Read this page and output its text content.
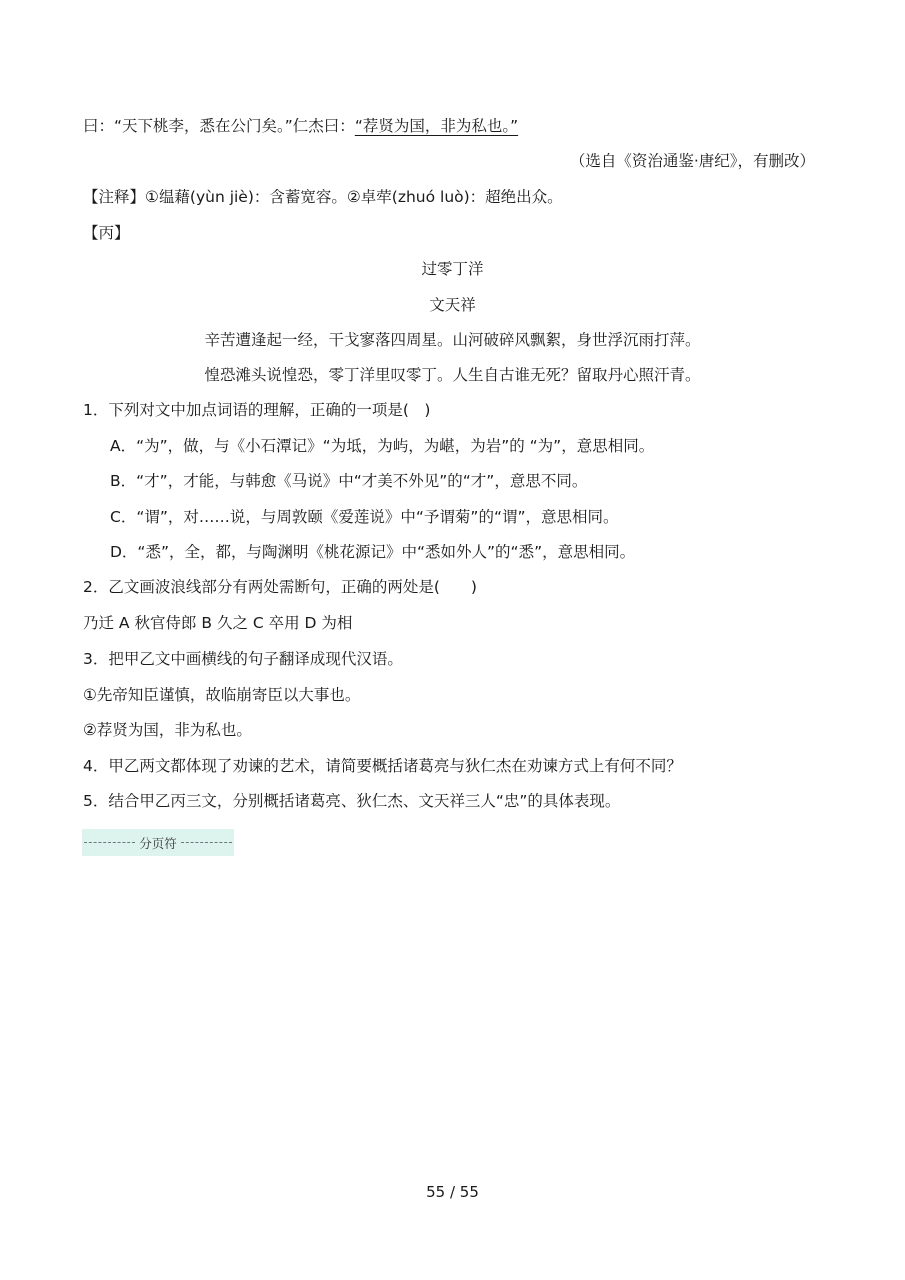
曰：“天下桃李，悉在公门矣。”仁杰曰：“荐贤为国，非为私也。”
（选自《资治通鉴·唐纪》，有删改）
【注释】①缊藉(yùn jiè)：含蓄宽容。②卓荦(zhuó luò)：超绝出众。
【丙】
过零丁洋
文天祥
辛苦遭逢起一经，干戈寥落四周星。山河破碎风飘絮，身世浮沉雨打萍。
惶恐滩头说惶恐，零丁洋里叹零丁。人生自古谁无死？留取丹心照汗青。
1．下列对文中加点词语的理解，正确的一项是(　)
A．“为”，做，与《小石潭记》“为坻，为屿，为嵁，为岩”的 “为”，意思相同。
B．“才”，才能，与韩愈《马说》中“才美不外见”的“才”，意思不同。
C．“谓”，对……说，与周敦颐《爱莲说》中“予谓菊”的“谓”，意思相同。
D．“悉”，全，都，与陶渊明《桃花源记》中“悉如外人”的“悉”，意思相同。
2．乙文画波浪线部分有两处需断句，正确的两处是(　　)
乃迁 A 秋官侍郎 B 久之 C 卒用 D 为相
3．把甲乙文中画横线的句子翻译成现代汉语。
①先帝知臣谨慎，故临崩寄臣以大事也。
②荐贤为国，非为私也。
4．甲乙两文都体现了劝谏的艺术，请简要概括诸葛亮与狄仁杰在劝谏方式上有何不同？
5．结合甲乙丙三文，分别概括诸葛亮、狄仁杰、文天祥三人“忠”的具体表现。
分页符
55 / 55
